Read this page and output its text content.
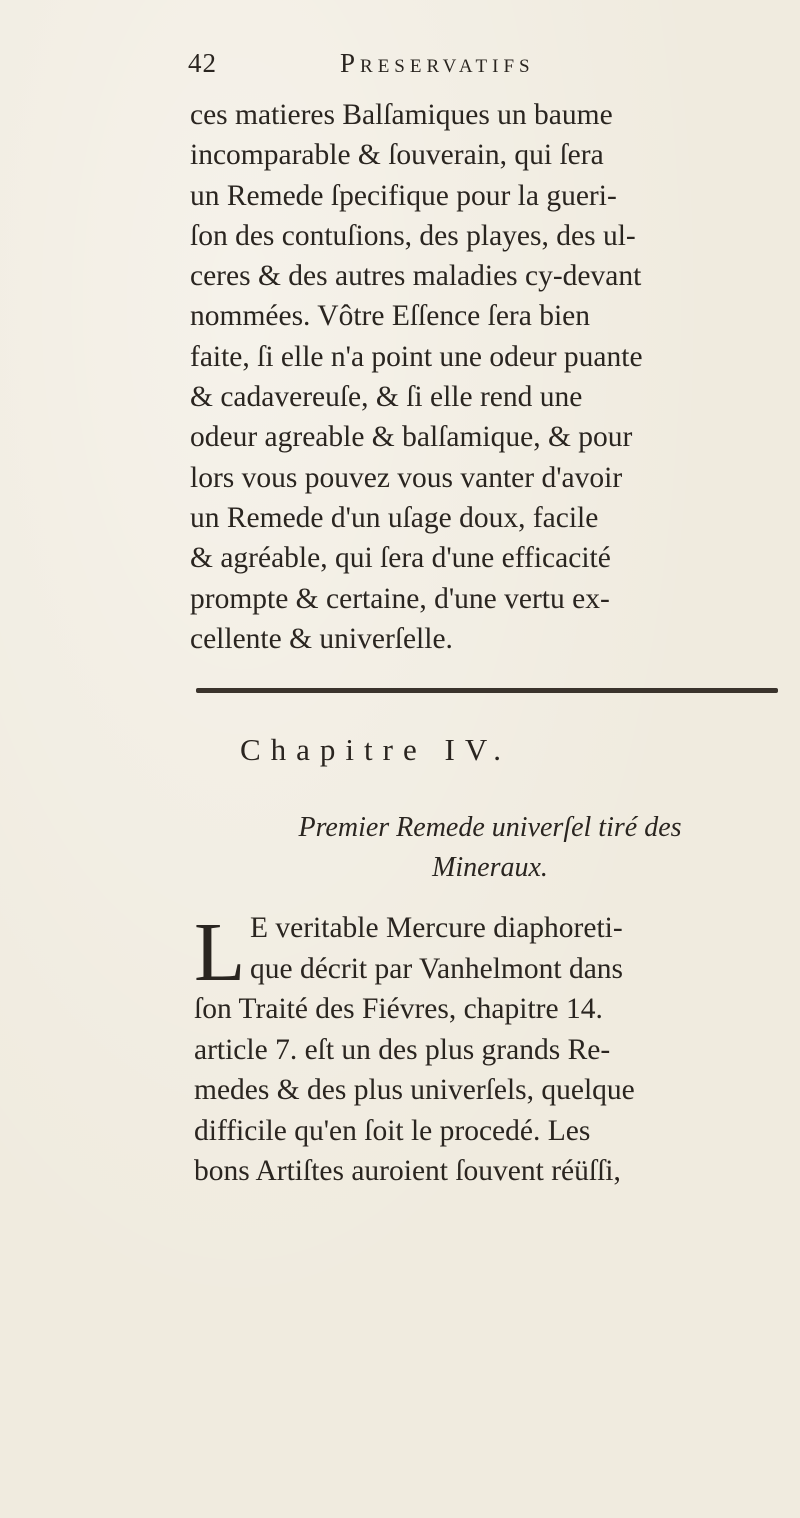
42	Preservatifs
ces matieres Balſamiques un baume
incomparable & ſouverain, qui ſera
un Remede ſpecifique pour la gueri-
ſon des contuſions, des playes, des ul-
ceres & des autres maladies cy-devant
nommées. Vôtre Eſſence ſera bien
faite, ſi elle n'a point une odeur puante
& cadavereuſe, & ſi elle rend une
odeur agreable & balſamique, & pour
lors vous pouvez vous vanter d'avoir
un Remede d'un uſage doux, facile
& agréable, qui ſera d'une efficacité
prompte & certaine, d'une vertu ex-
cellente & univerſelle.
Chapitre IV.
Premier Remede univerſel tiré des
Mineraux.
L E veritable Mercure diaphoreti-
que décrit par Vanhelmont dans
ſon Traité des Fiévres, chapitre 14.
article 7. eſt un des plus grands Re-
medes & des plus univerſels, quelque
difficile qu'en ſoit le procedé. Les
bons Artiſtes auroient ſouvent réüſſi,
